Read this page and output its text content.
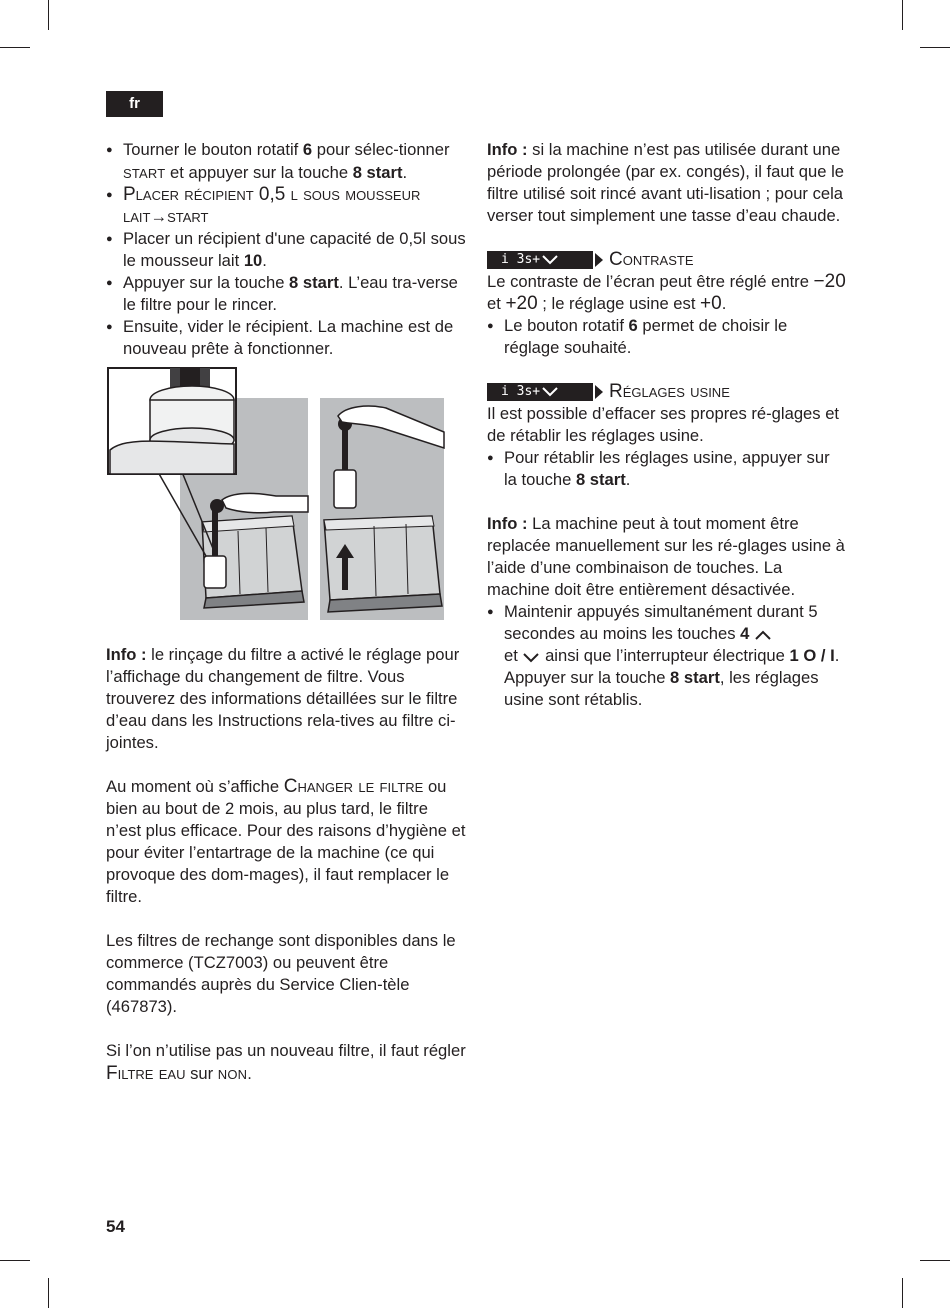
fr
● Tourner le bouton rotatif 6 pour sélec-tionner start et appuyer sur la touche 8 start.
● Placer récipient 0,5 l sous mousseur lait→start
● Placer un récipient d'une capacité de 0,5l sous le mousseur lait 10.
● Appuyer sur la touche 8 start. L’eau tra-verse le filtre pour le rincer.
● Ensuite, vider le récipient. La machine est de nouveau prête à fonctionner.

Info : le rinçage du filtre a activé le réglage pour l’affichage du changement de filtre. Vous trouverez des informations détaillées sur le filtre d’eau dans les Instructions rela-tives au filtre ci-jointes.

Au moment où s’affiche Changer le filtre ou bien au bout de 2 mois, au plus tard, le filtre n’est plus efficace. Pour des raisons d’hygiène et pour éviter l’entartrage de la machine (ce qui provoque des dom-mages), il faut remplacer le filtre.

Les filtres de rechange sont disponibles dans le commerce (TCZ7003) ou peuvent être commandés auprès du Service Clien-tèle (467873).

Si l’on n’utilise pas un nouveau filtre, il faut régler Filtre eau sur non.

Info : si la machine n’est pas utilisée durant une période prolongée (par ex. congés), il faut que le filtre utilisé soit rincé avant uti-lisation ; pour cela verser tout simplement une tasse d’eau chaude.

i 3s+	Contraste

Le contraste de l’écran peut être réglé entre −20 et +20 ; le réglage usine est +0.

● Le bouton rotatif 6 permet de choisir le réglage souhaité.
i 3s+	Réglages usine

Il est possible d’effacer ses propres ré-glages et de rétablir les réglages usine.

● Pour rétablir les réglages usine, appuyer sur la touche 8 start.

Info : La machine peut à tout moment être replacée manuellement sur les ré-glages usine à l’aide d’une combinaison de touches. La machine doit être entièrement désactivée.

● Maintenir appuyés simultanément durant 5 secondes au moins les touches 4
et  ainsi que l’interrupteur électrique 1 O / I. Appuyer sur la touche 8 start, les réglages usine sont rétablis.
54
